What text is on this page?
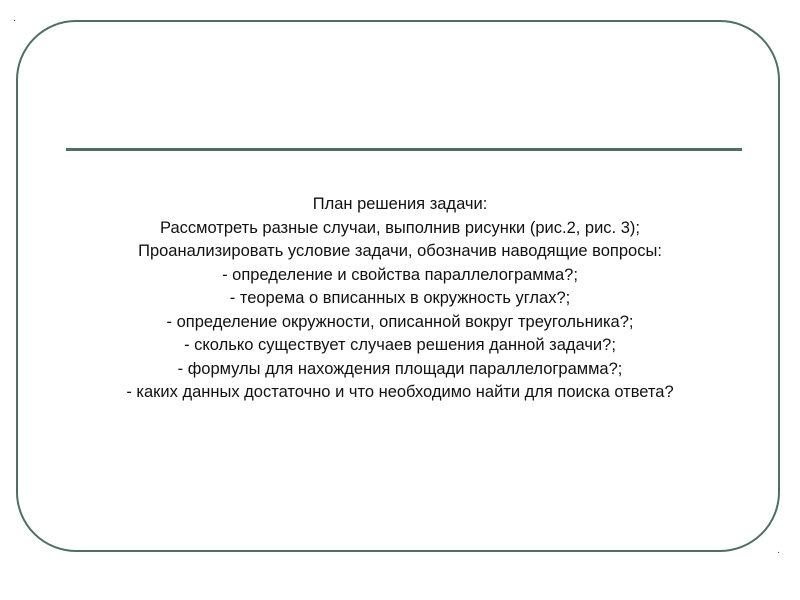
·
План решения задачи:
Рассмотреть разные случаи, выполнив рисунки (рис.2, рис. 3);
Проанализировать условие задачи, обозначив наводящие вопросы:
- определение и свойства параллелограмма?;
- теорема о вписанных в окружность углах?;
- определение окружности, описанной вокруг треугольника?;
- сколько существует случаев решения данной задачи?;
- формулы для нахождения площади параллелограмма?;
- каких данных достаточно и что необходимо найти для поиска ответа?
·
